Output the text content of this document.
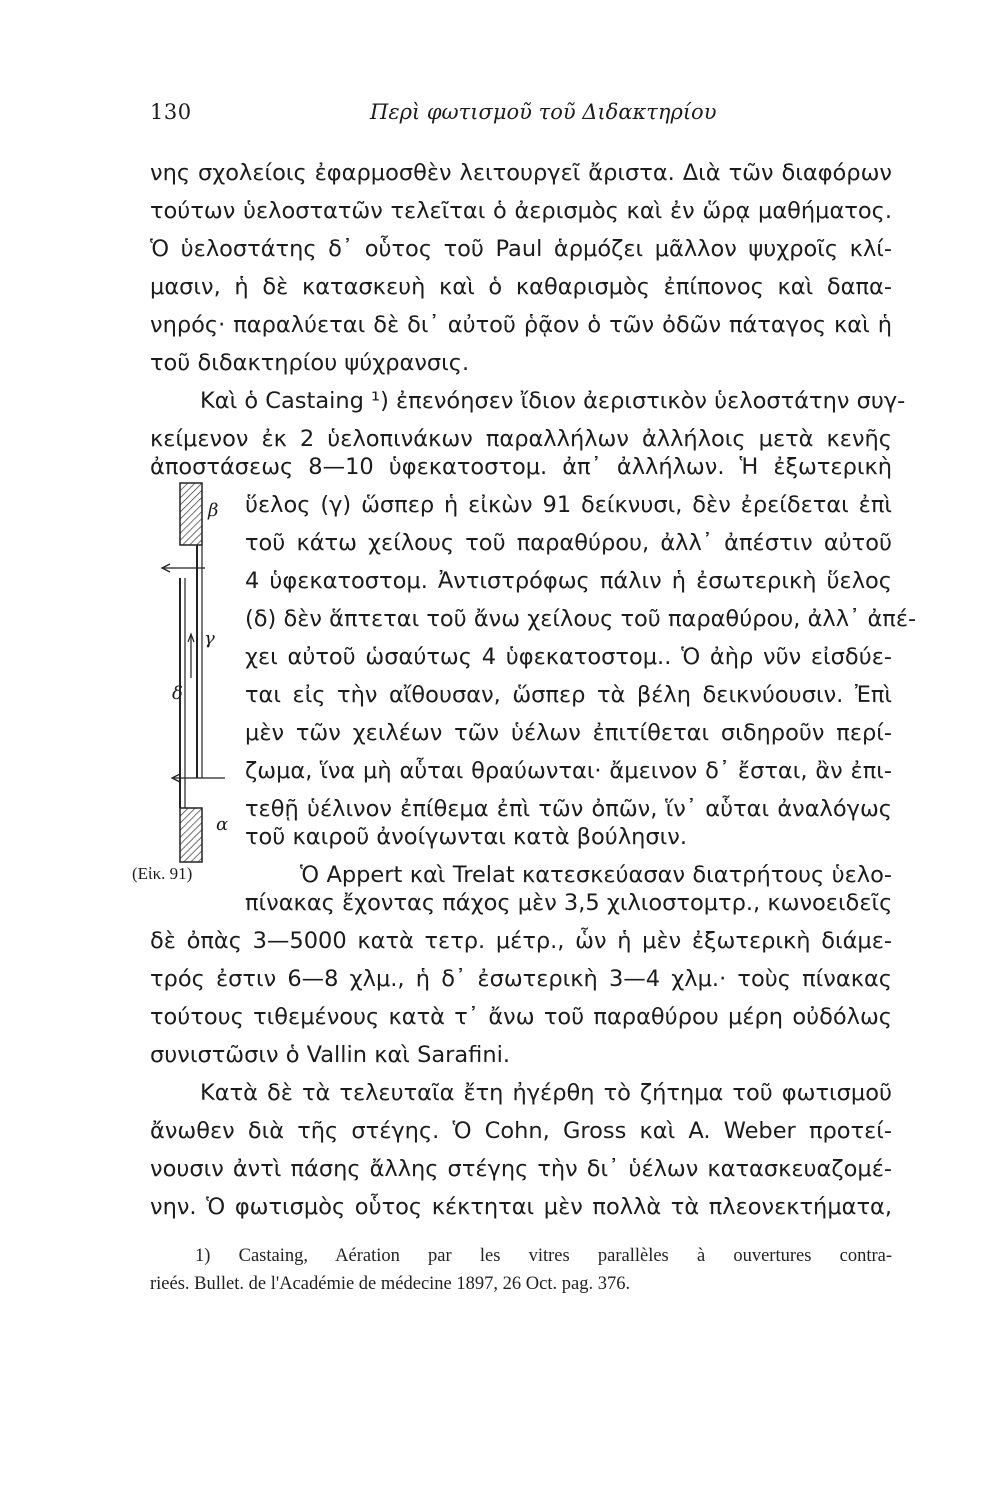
130	Περὶ φωτισμοῦ τοῦ Διδακτηρίου
νης σχολείοις ἐφαρμοσθὲν λειτουργεῖ ἄριστα. Διὰ τῶν διαφόρων
τούτων ὑελοστατῶν τελεῖται ὁ ἀερισμὸς καὶ ἐν ὥρᾳ μαθήματος.
Ὁ ὑελοστάτης δ᾽ οὗτος τοῦ Paul ἁρμόζει μᾶλλον ψυχροῖς κλί-
μασιν, ἡ δὲ κατασκευὴ καὶ ὁ καθαρισμὸς ἐπίπονος καὶ δαπα-
νηρός· παραλύεται δὲ δι᾽ αὐτοῦ ῥᾷον ὁ τῶν ὀδῶν πάταγος καὶ ἡ
τοῦ διδακτηρίου ψύχρανσις.
Καὶ ὁ Castaing ¹) ἐπενόησεν ἴδιον ἀεριστικὸν ὑελοστάτην συγ-
κείμενον ἐκ 2 ὑελοπινάκων παραλλήλων ἀλλήλοις μετὰ κενῆς
ἀποστάσεως 8—10 ὑφεκατοστομ. ἀπ᾽ ἀλλήλων. Ἡ ἐξωτερικὴ
ὕελος (γ) ὥσπερ ἡ εἰκὼν 91 δείκνυσι, δὲν ἐρείδεται ἐπὶ
τοῦ κάτω χείλους τοῦ παραθύρου, ἀλλ᾽ ἀπέστιν αὐτοῦ
4 ὑφεκατοστομ. Ἀντιστρόφως πάλιν ἡ ἐσωτερικὴ ὕελος
(δ) δὲν ἅπτεται τοῦ ἄνω χείλους τοῦ παραθύρου, ἀλλ᾽ ἀπέ-
χει αὐτοῦ ὡσαύτως 4 ὑφεκατοστομ.. Ὁ ἀὴρ νῦν εἰσδύε-
ται εἰς τὴν αἴθουσαν, ὥσπερ τὰ βέλη δεικνύουσιν. Ἐπὶ
μὲν τῶν χειλέων τῶν ὑέλων ἐπιτίθεται σιδηροῦν περί-
ζωμα, ἵνα μὴ αὗται θραύωνται· ἄμεινον δ᾽ ἔσται, ἂν ἐπι-
τεθῇ ὑέλινον ἐπίθεμα ἐπὶ τῶν ὀπῶν, ἵν᾽ αὗται ἀναλόγως
τοῦ καιροῦ ἀνοίγωνται κατὰ βούλησιν.
Ὁ Appert καὶ Trelat κατεσκεύασαν διατρήτους ὑελο-
πίνακας ἔχοντας πάχος μὲν 3,5 χιλιοστομτρ., κωνοειδεῖς
δὲ ὀπὰς 3—5000 κατὰ τετρ. μέτρ., ὧν ἡ μὲν ἐξωτερικὴ διάμε-
τρός ἐστιν 6—8 χλμ., ἡ δ᾽ ἐσωτερικὴ 3—4 χλμ.· τοὺς πίνακας
τούτους τιθεμένους κατὰ τ᾽ ἄνω τοῦ παραθύρου μέρη οὐδόλως
συνιστῶσιν ὁ Vallin καὶ Sarafini.
Κατὰ δὲ τὰ τελευταῖα ἔτη ἠγέρθη τὸ ζήτημα τοῦ φωτισμοῦ
ἄνωθεν διὰ τῆς στέγης. Ὁ Cohn, Gross καὶ A. Weber προτεί-
νουσιν ἀντὶ πάσης ἄλλης στέγης τὴν δι᾽ ὑέλων κατασκευαζομέ-
νην. Ὁ φωτισμὸς οὗτος κέκτηται μὲν πολλὰ τὰ πλεονεκτήματα,
1) Castaing, Aération par les vitres parallèles à ouvertures contra-
rieés. Bullet. de l'Académie de médecine 1897, 26 Oct. pag. 376.
β
γ
δ
α
(Εἰκ. 91)
